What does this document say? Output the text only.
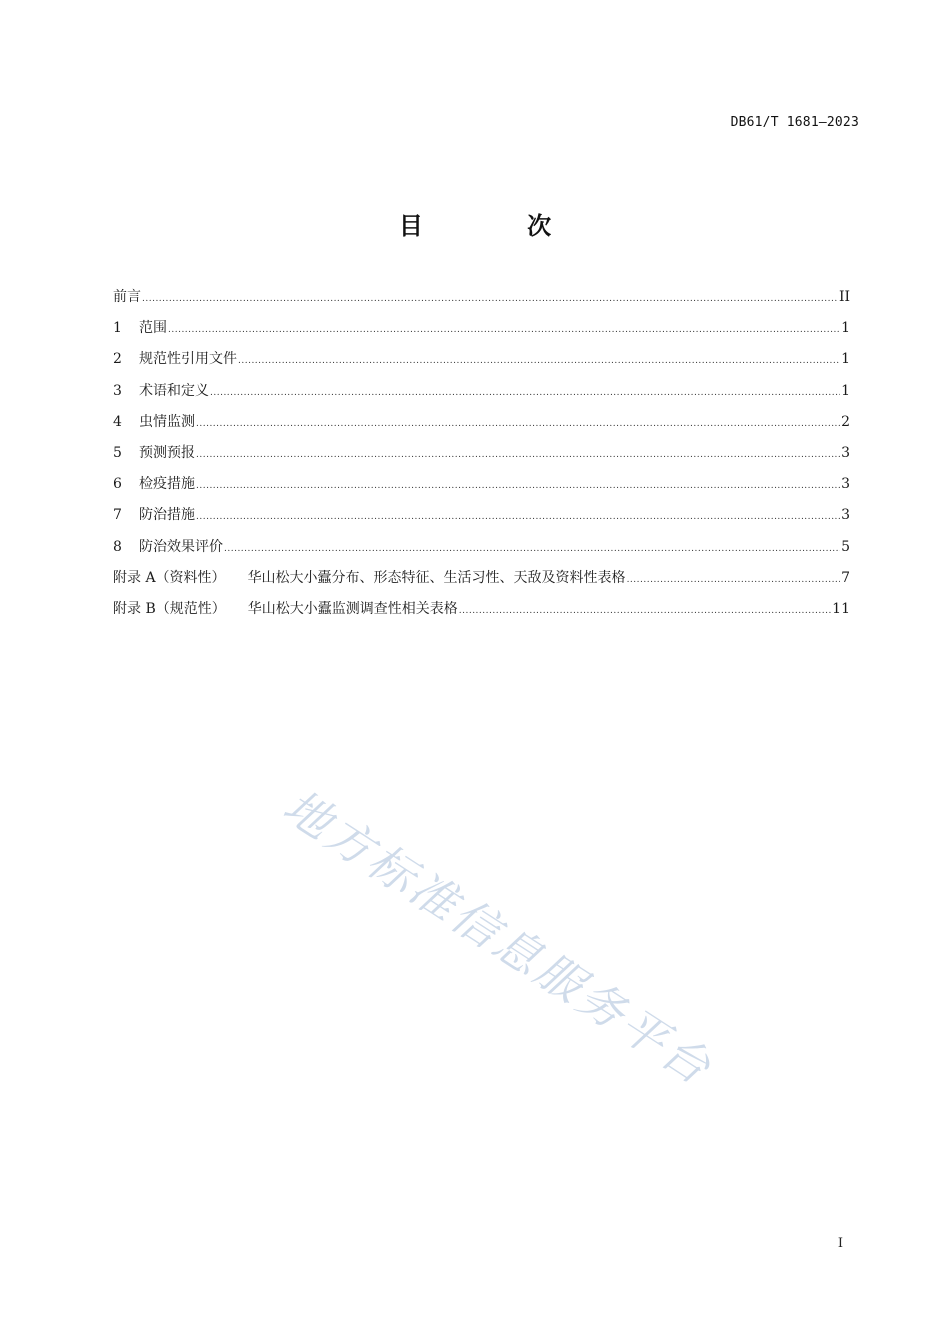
DB61/T 1681—2023
目 次
前言 .....	II
1	范围 .....	1
2	规范性引用文件 .....	1
3	术语和定义 .....	1
4	虫情监测 .....	2
5	预测预报 .....	3
6	检疫措施 .....	3
7	防治措施 .....	3
8	防治效果评价 .....	5
附录 A（资料性） 华山松大小蠹分布、形态特征、生活习性、天敌及资料性表格 .....	7
附录 B（规范性） 华山松大小蠹监测调查性相关表格 .....	11
地方标准信息服务平台
I
